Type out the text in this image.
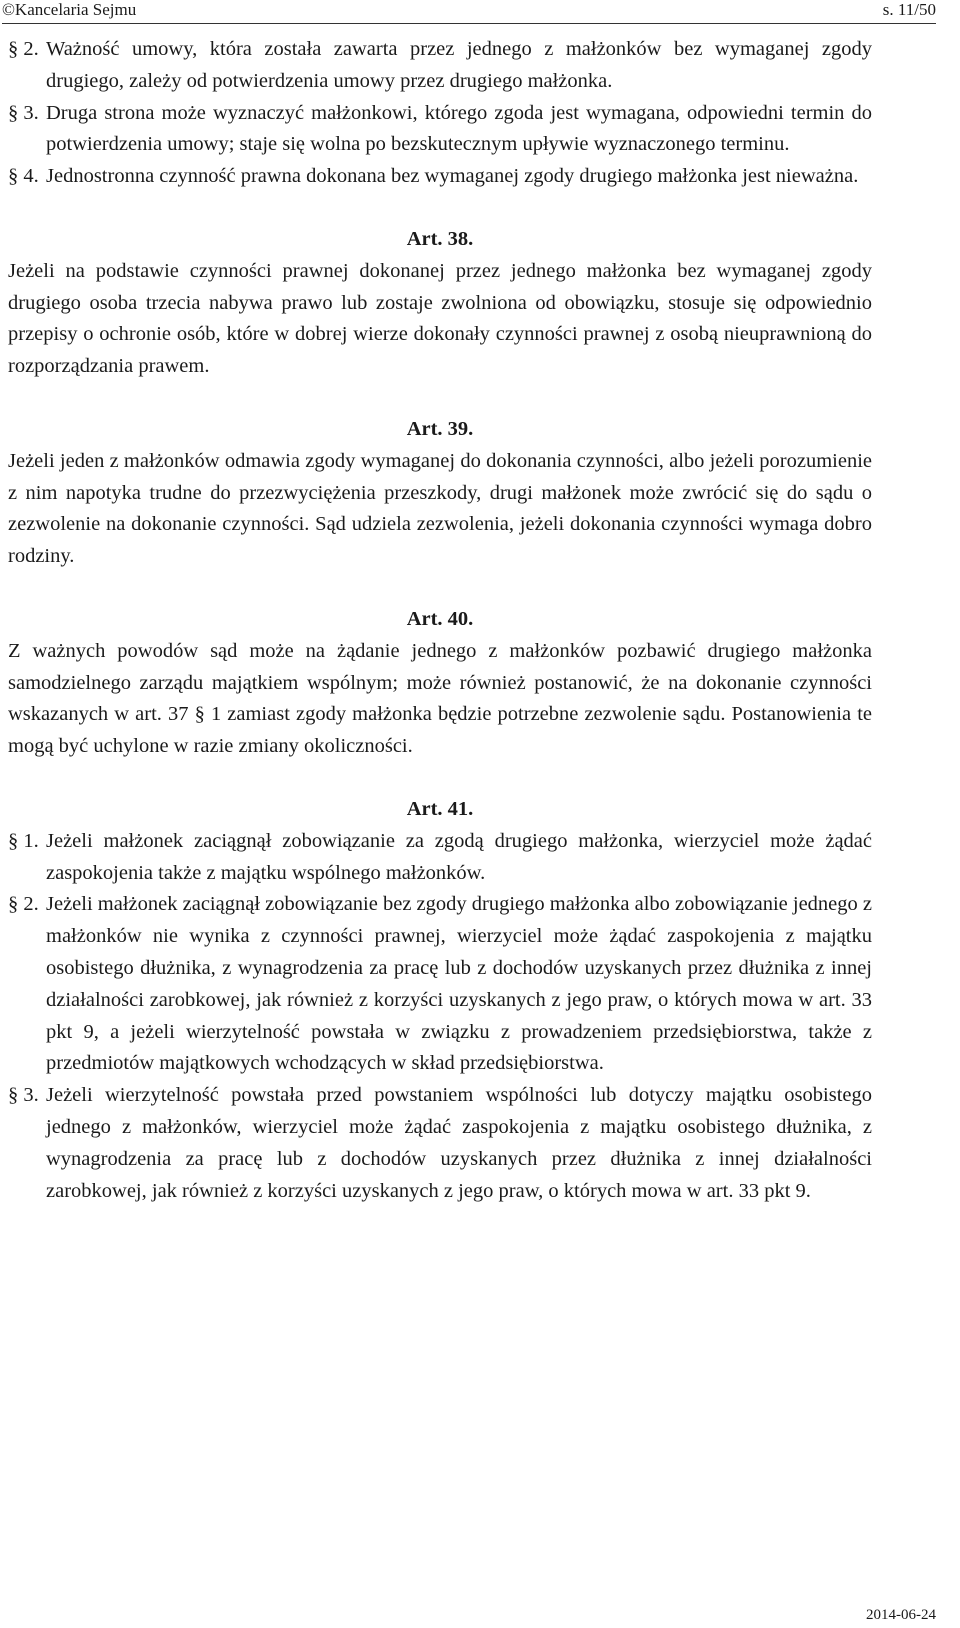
©Kancelaria Sejmu	s. 11/50
§ 2. Ważność umowy, która została zawarta przez jednego z małżonków bez wymaganej zgody drugiego, zależy od potwierdzenia umowy przez drugiego małżonka.
§ 3. Druga strona może wyznaczyć małżonkowi, którego zgoda jest wymagana, odpowiedni termin do potwierdzenia umowy; staje się wolna po bezskutecznym upływie wyznaczonego terminu.
§ 4. Jednostronna czynność prawna dokonana bez wymaganej zgody drugiego małżonka jest nieważna.
Art. 38.
Jeżeli na podstawie czynności prawnej dokonanej przez jednego małżonka bez wymaganej zgody drugiego osoba trzecia nabywa prawo lub zostaje zwolniona od obowiązku, stosuje się odpowiednio przepisy o ochronie osób, które w dobrej wierze dokonały czynności prawnej z osobą nieuprawnioną do rozporządzania prawem.
Art. 39.
Jeżeli jeden z małżonków odmawia zgody wymaganej do dokonania czynności, albo jeżeli porozumienie z nim napotyka trudne do przezwyciężenia przeszkody, drugi małżonek może zwrócić się do sądu o zezwolenie na dokonanie czynności. Sąd udziela zezwolenia, jeżeli dokonania czynności wymaga dobro rodziny.
Art. 40.
Z ważnych powodów sąd może na żądanie jednego z małżonków pozbawić drugiego małżonka samodzielnego zarządu majątkiem wspólnym; może również postanowić, że na dokonanie czynności wskazanych w art. 37 § 1 zamiast zgody małżonka będzie potrzebne zezwolenie sądu. Postanowienia te mogą być uchylone w razie zmiany okoliczności.
Art. 41.
§ 1. Jeżeli małżonek zaciągnął zobowiązanie za zgodą drugiego małżonka, wierzyciel może żądać zaspokojenia także z majątku wspólnego małżonków.
§ 2. Jeżeli małżonek zaciągnął zobowiązanie bez zgody drugiego małżonka albo zobowiązanie jednego z małżonków nie wynika z czynności prawnej, wierzyciel może żądać zaspokojenia z majątku osobistego dłużnika, z wynagrodzenia za pracę lub z dochodów uzyskanych przez dłużnika z innej działalności zarobkowej, jak również z korzyści uzyskanych z jego praw, o których mowa w art. 33 pkt 9, a jeżeli wierzytelność powstała w związku z prowadzeniem przedsiębiorstwa, także z przedmiotów majątkowych wchodzących w skład przedsiębiorstwa.
§ 3. Jeżeli wierzytelność powstała przed powstaniem wspólności lub dotyczy majątku osobistego jednego z małżonków, wierzyciel może żądać zaspokojenia z majątku osobistego dłużnika, z wynagrodzenia za pracę lub z dochodów uzyskanych przez dłużnika z innej działalności zarobkowej, jak również z korzyści uzyskanych z jego praw, o których mowa w art. 33 pkt 9.
2014-06-24
